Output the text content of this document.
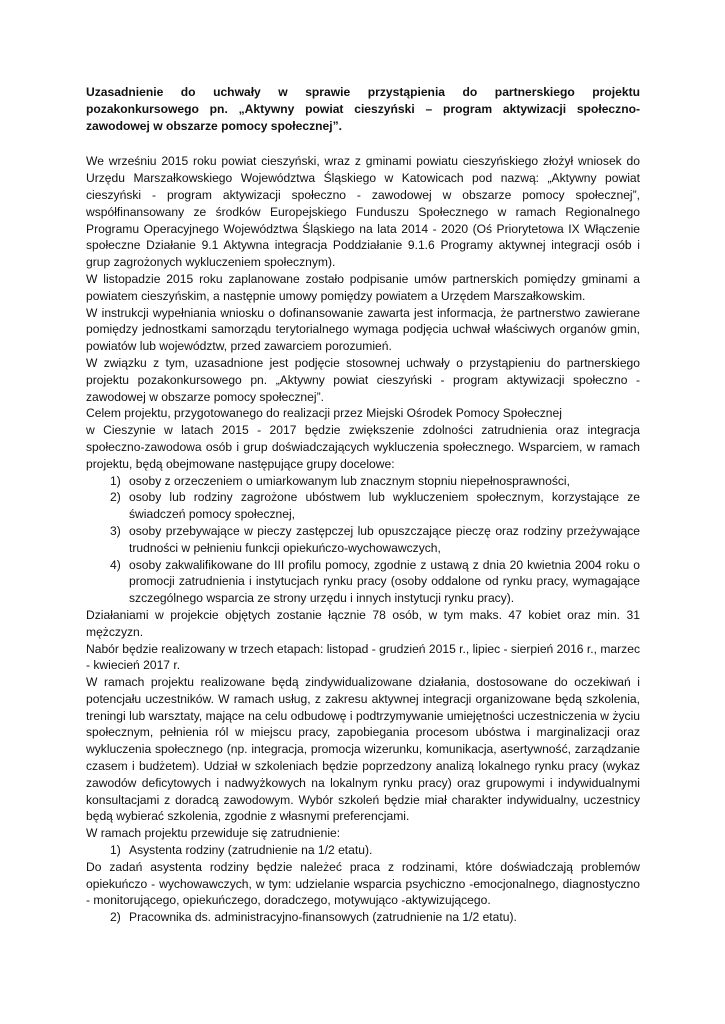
Uzasadnienie do uchwały w sprawie przystąpienia do partnerskiego projektu pozakonkursowego pn. „Aktywny powiat cieszyński – program aktywizacji społeczno-zawodowej w obszarze pomocy społecznej”.

We wrześniu 2015 roku powiat cieszyński, wraz z gminami powiatu cieszyńskiego złożył wniosek do Urzędu Marszałkowskiego Województwa Śląskiego w Katowicach pod nazwą: „Aktywny powiat cieszyński - program aktywizacji społeczno - zawodowej w obszarze pomocy społecznej”, współfinansowany ze środków Europejskiego Funduszu Społecznego w ramach Regionalnego Programu Operacyjnego Województwa Śląskiego na lata 2014 - 2020 (Oś Priorytetowa IX Włączenie społeczne Działanie 9.1 Aktywna integracja Poddziałanie 9.1.6 Programy aktywnej integracji osób i grup zagrożonych wykluczeniem społecznym).

W listopadzie 2015 roku zaplanowane zostało podpisanie umów partnerskich pomiędzy gminami a powiatem cieszyńskim, a następnie umowy pomiędzy powiatem a Urzędem Marszałkowskim.

W instrukcji wypełniania wniosku o dofinansowanie zawarta jest informacja, że partnerstwo zawierane pomiędzy jednostkami samorządu terytorialnego wymaga podjęcia uchwał właściwych organów gmin, powiatów lub województw, przed zawarciem porozumień.

W związku z tym, uzasadnione jest podjęcie stosownej uchwały o przystąpieniu do partnerskiego projektu pozakonkursowego pn. „Aktywny powiat cieszyński - program aktywizacji społeczno - zawodowej w obszarze pomocy społecznej”.

Celem projektu, przygotowanego do realizacji przez Miejski Ośrodek Pomocy Społecznej

w Cieszynie w latach 2015 - 2017 będzie zwiększenie zdolności zatrudnienia oraz integracja społeczno-zawodowa osób i grup doświadczających wykluczenia społecznego. Wsparciem, w ramach projektu, będą obejmowane następujące grupy docelowe:

1) osoby z orzeczeniem o umiarkowanym lub znacznym stopniu niepełnosprawności,
2) osoby lub rodziny zagrożone ubóstwem lub wykluczeniem społecznym, korzystające ze świadczeń pomocy społecznej,
3) osoby przebywające w pieczy zastępczej lub opuszczające pieczę oraz rodziny przeżywające trudności w pełnieniu funkcji opiekuńczo-wychowawczych,
4) osoby zakwalifikowane do III profilu pomocy, zgodnie z ustawą z dnia 20 kwietnia 2004 roku o promocji zatrudnienia i instytucjach rynku pracy (osoby oddalone od rynku pracy, wymagające szczególnego wsparcia ze strony urzędu i innych instytucji rynku pracy).

Działaniami w projekcie objętych zostanie łącznie 78 osób, w tym maks. 47 kobiet oraz min. 31 mężczyzn.

Nabór będzie realizowany w trzech etapach: listopad - grudzień 2015 r., lipiec - sierpień 2016 r., marzec - kwiecień 2017 r.

W ramach projektu realizowane będą zindywidualizowane działania, dostosowane do oczekiwań i potencjału uczestników. W ramach usług, z zakresu aktywnej integracji organizowane będą szkolenia, treningi lub warsztaty, mające na celu odbudowę i podtrzymywanie umiejętności uczestniczenia w życiu społecznym, pełnienia ról w miejscu pracy, zapobiegania procesom ubóstwa i marginalizacji oraz wykluczenia społecznego (np. integracja, promocja wizerunku, komunikacja, asertywność, zarządzanie czasem i budżetem). Udział w szkoleniach będzie poprzedzony analizą lokalnego rynku pracy (wykaz zawodów deficytowych i nadwyżkowych na lokalnym rynku pracy) oraz grupowymi i indywidualnymi konsultacjami z doradcą zawodowym. Wybór szkoleń będzie miał charakter indywidualny, uczestnicy będą wybierać szkolenia, zgodnie z własnymi preferencjami.

W ramach projektu przewiduje się zatrudnienie:

1) Asystenta rodziny (zatrudnienie na 1/2 etatu).

Do zadań asystenta rodziny będzie należeć praca z rodzinami, które doświadczają problemów opiekuńczo - wychowawczych, w tym: udzielanie wsparcia psychiczno -emocjonalnego, diagnostyczno - monitorującego, opiekuńczego, doradczego, motywująco -aktywizującego.

2) Pracownika ds. administracyjno-finansowych (zatrudnienie na 1/2 etatu).
